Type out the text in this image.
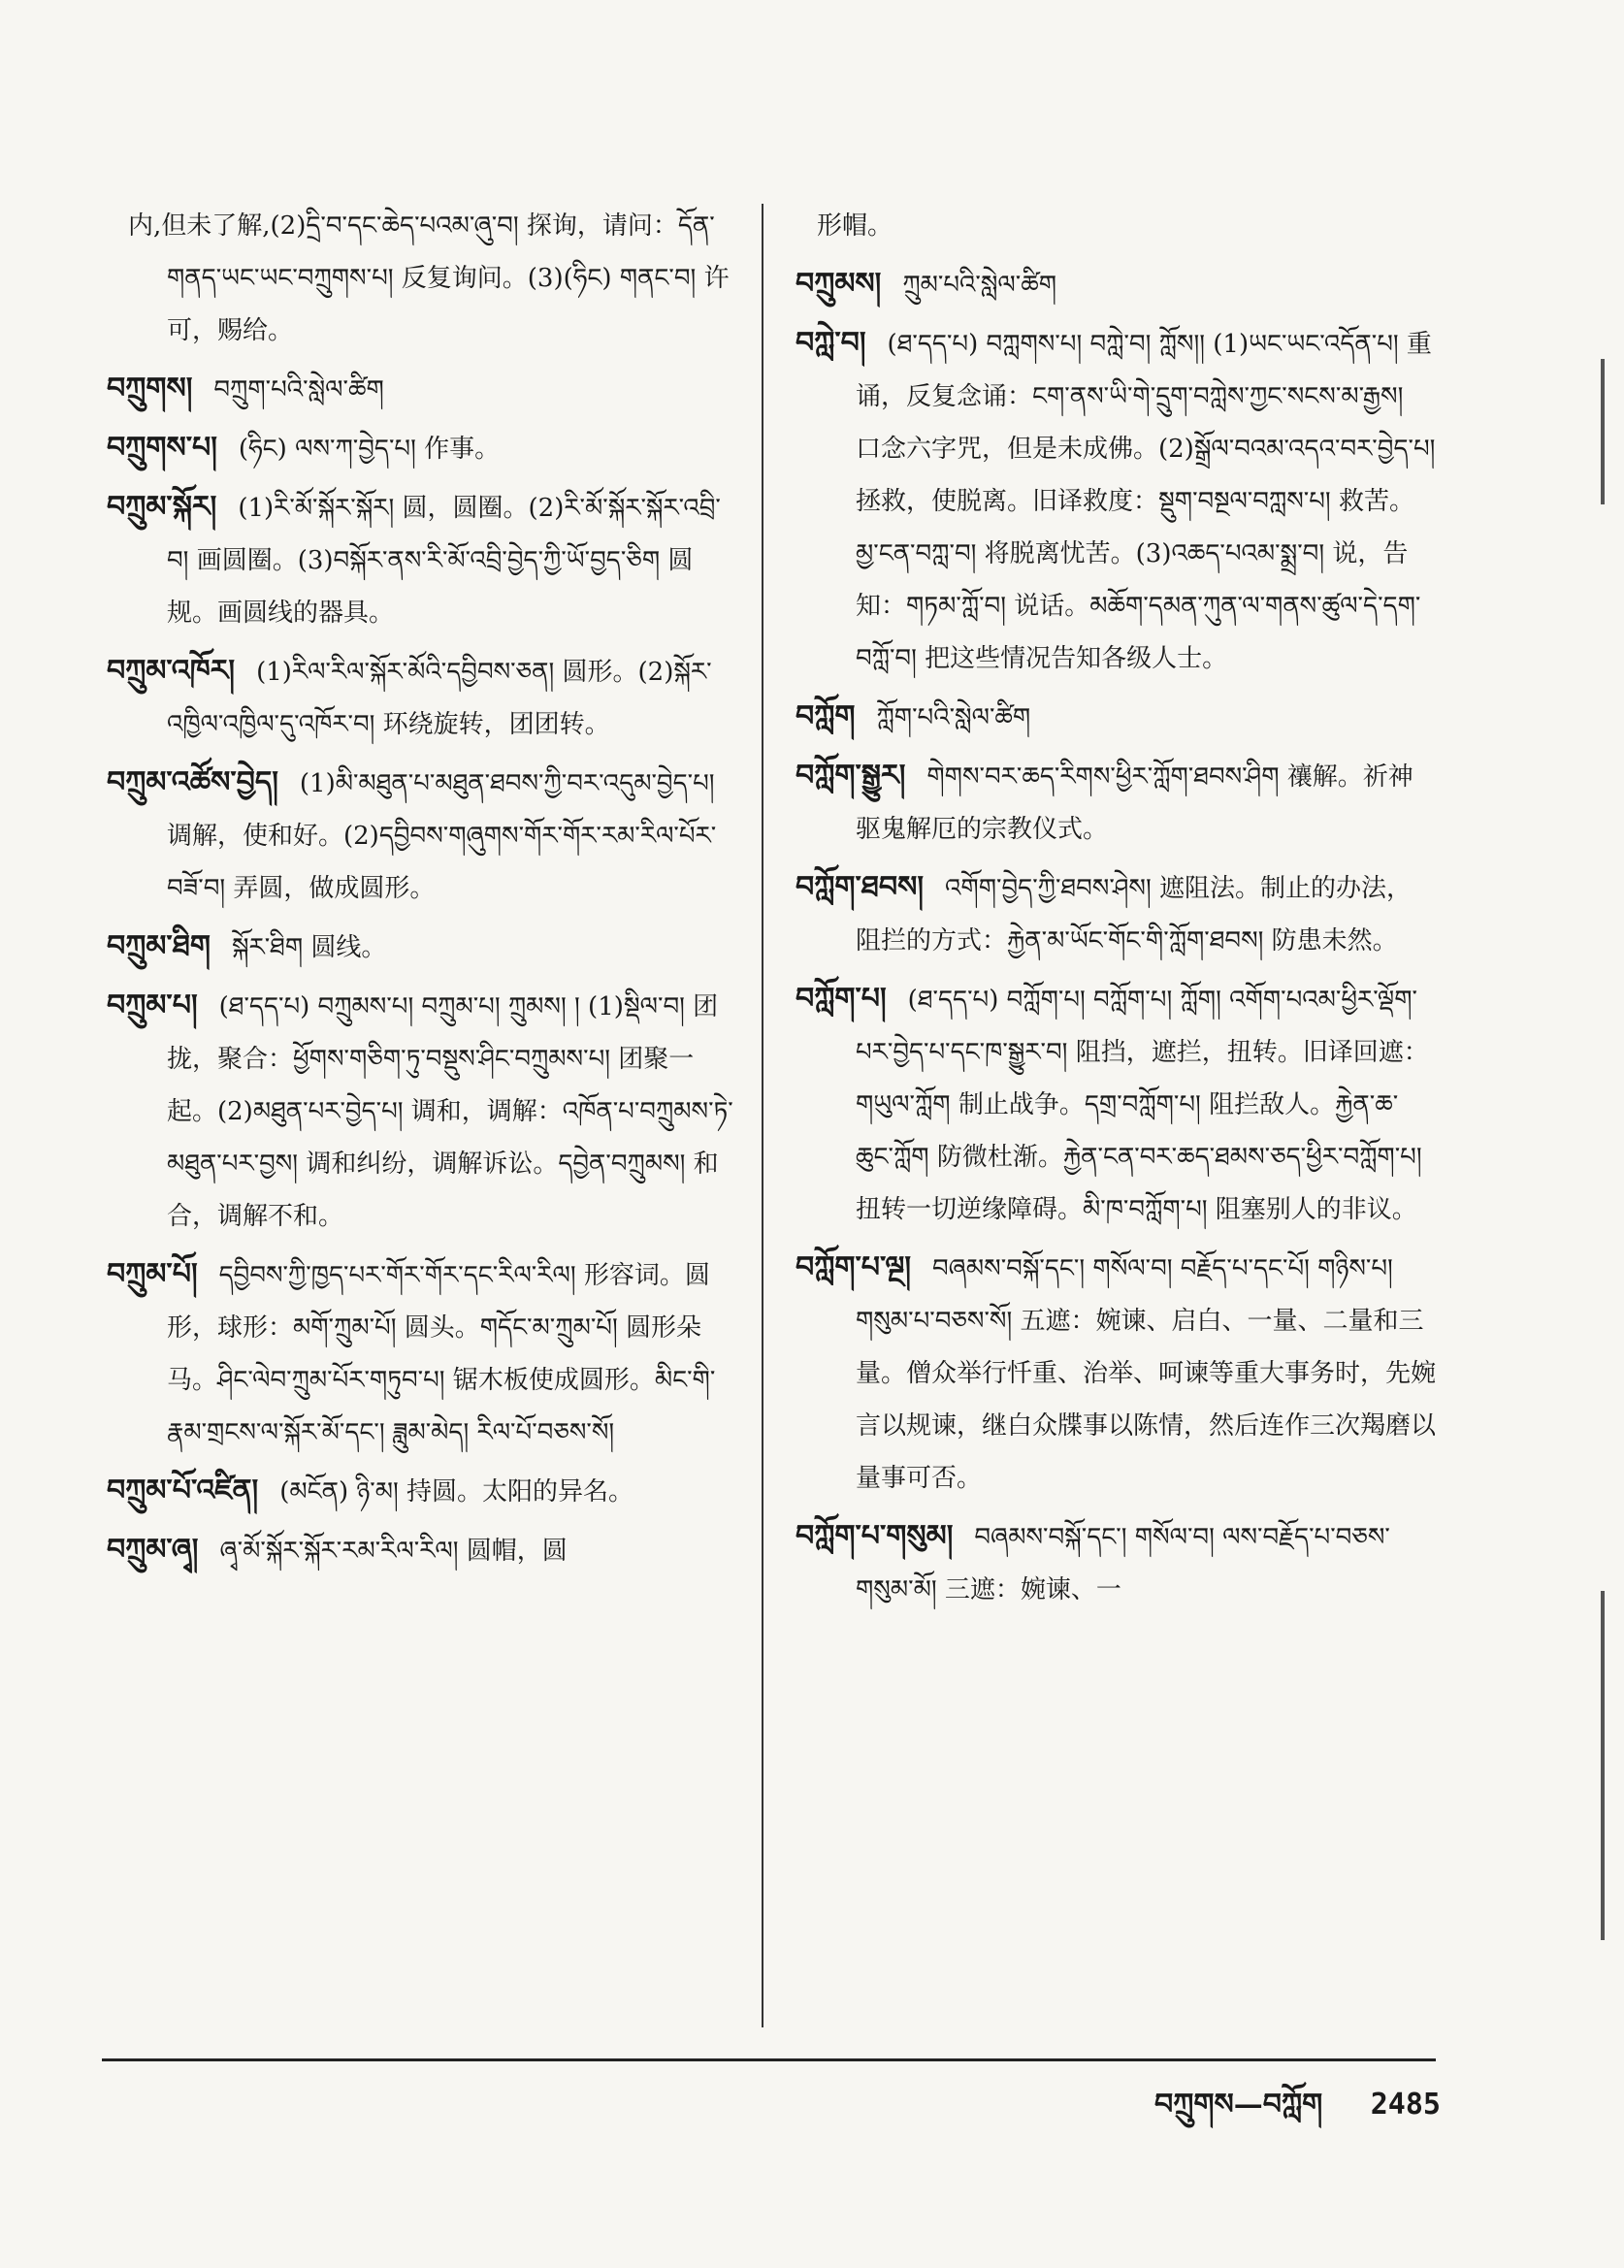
内,但未了解,(2)དྲི་བ་དང་ཆེད་པའམ་ཞུ་བ། 探询，请问：དོན་གནད་ཡང་ཡང་བཀྲུགས་པ། 反复询问。(3)(ཧིང) གནང་བ། 许可，赐给。
བཀྲུགས། བཀྲུག་པའི་སླེལ་ཚིག
བཀྲུགས་པ། (ཧིང) ལས་ཀ་བྱེད་པ། 作事。
བཀྲུམ་སྐོར། (1)རི་མོ་སྐོར་སྐོར། 圆，圆圈。(2)རི་མོ་སྐོར་སྐོར་འབྲི་བ། 画圆圈。(3)བསྐོར་ནས་རི་མོ་འབྲི་བྱེད་ཀྱི་ཡོ་བྱད་ཅིག 圆规。画圆线的器具。
བཀྲུམ་འཁོར། (1)རིལ་རིལ་སྐོར་མོའི་དབྱིབས་ཅན། 圆形。(2)སྐོར་འཁྱིལ་འཁྱིལ་དུ་འཁོར་བ། 环绕旋转，团团转。
བཀྲུམ་འཚོས་བྱེད། (1)མི་མཐུན་པ་མཐུན་ཐབས་ཀྱི་བར་འདུམ་བྱེད་པ། 调解，使和好。(2)དབྱིབས་གཞུགས་གོར་གོར་རམ་རིལ་པོར་བཟོ་བ། 弄圆，做成圆形。
བཀྲུམ་ཐིག སྐོར་ཐིག 圆线。
བཀྲུམ་པ། (ཐ་དད་པ) བཀྲུམས་པ། བཀྲུམ་པ། ཀྲུམས། ། (1)སྡིལ་བ། 团拢，聚合：ཕྱོགས་གཅིག་ཏུ་བསྡུས་ཤིང་བཀྲུམས་པ། 团聚一起。(2)མཐུན་པར་བྱེད་པ། 调和，调解：འཁོན་པ་བཀྲུམས་ཏེ་མཐུན་པར་བྱས། 调和纠纷，调解诉讼。དབྱེན་བཀྲུམས། 和合，调解不和。
བཀྲུམ་པོ། དབྱིབས་ཀྱི་ཁྱད་པར་གོར་གོར་དང་རིལ་རིལ། 形容词。圆形，球形：མགོ་ཀྲུམ་པོ། 圆头。གདོང་མ་ཀྲུམ་པོ། 圆形朵马。ཤིང་ལེབ་ཀྲུམ་པོར་གཏུབ་པ། 锯木板使成圆形。མིང་གི་རྣམ་གྲངས་ལ་སྐོར་མོ་དང་། ཟླུམ་མེད། རིལ་པོ་བཅས་སོ།
བཀྲུམ་པོ་འཛིན། (མངོན) ཉི་མ། 持圆。太阳的异名。
བཀྲུམ་ཞྭ། ཞྭ་མོ་སྐོར་སྐོར་རམ་རིལ་རིལ། 圆帽，圆
形帽。
བཀྲུམས། ཀྲུམ་པའི་སླེལ་ཚིག
བཀླེ་བ། (ཐ་དད་པ) བཀླགས་པ། བཀླེ་བ། ཀློས།། (1)ཡང་ཡང་འདོན་པ། 重诵，反复念诵：ངག་ནས་ཡི་གེ་དྲུག་བཀླེས་ཀྱང་སངས་མ་རྒྱས། 口念六字咒，但是未成佛。(2)སྒྲོལ་བའམ་འདའ་བར་བྱེད་པ། 拯救，使脱离。旧译救度：སྡུག་བསྔལ་བཀླས་པ། 救苦。མྱ་ངན་བཀླ་བ། 将脱离忧苦。(3)འཆད་པའམ་སྨྲ་བ། 说，告知：གཏམ་ཀློ་བ། 说话。མཆོག་དམན་ཀུན་ལ་གནས་ཚུལ་དེ་དག་བཀློ་བ། 把这些情况告知各级人士。
བཀློག ཀློག་པའི་སླེལ་ཚིག
བཀློག་སྒྱུར། གེགས་བར་ཆད་རིགས་ཕྱིར་ཀློག་ཐབས་ཤིག 禳解。祈神驱鬼解厄的宗教仪式。
བཀློག་ཐབས། འགོག་བྱེད་ཀྱི་ཐབས་ཤེས། 遮阻法。制止的办法，阻拦的方式：རྐྱེན་མ་ཡོང་གོང་གི་ཀློག་ཐབས། 防患未然。
བཀློག་པ། (ཐ་དད་པ) བཀློག་པ། བཀློག་པ། ཀློག། འགོག་པའམ་ཕྱིར་ལྡོག་པར་བྱེད་པ་དང་ཁ་སྒྱུར་བ། 阻挡，遮拦，扭转。旧译回遮：གཡུལ་ཀློག 制止战争。དགྲ་བཀློག་པ། 阻拦敌人。རྐྱེན་ཆ་ཆུང་ཀློག 防微杜渐。རྐྱེན་ངན་བར་ཆད་ཐམས་ཅད་ཕྱིར་བཀློག་པ། 扭转一切逆缘障碍。མི་ཁ་བཀློག་པ། 阻塞别人的非议。
བཀློག་པ་ལྔ། བཞམས་བསྐོ་དང་། གསོལ་བ། བརྗོད་པ་དང་པོ། གཉིས་པ། གསུམ་པ་བཅས་སོ། 五遮：婉谏、启白、一量、二量和三量。僧众举行忏重、治举、呵谏等重大事务时，先婉言以规谏，继白众牒事以陈情，然后连作三次羯磨以量事可否。
བཀློག་པ་གསུམ། བཞམས་བསྐོ་དང་། གསོལ་བ། ལས་བརྗོད་པ་བཅས་གསུམ་མོ། 三遮：婉谏、一
བཀྲུགས—བཀློག 2485
